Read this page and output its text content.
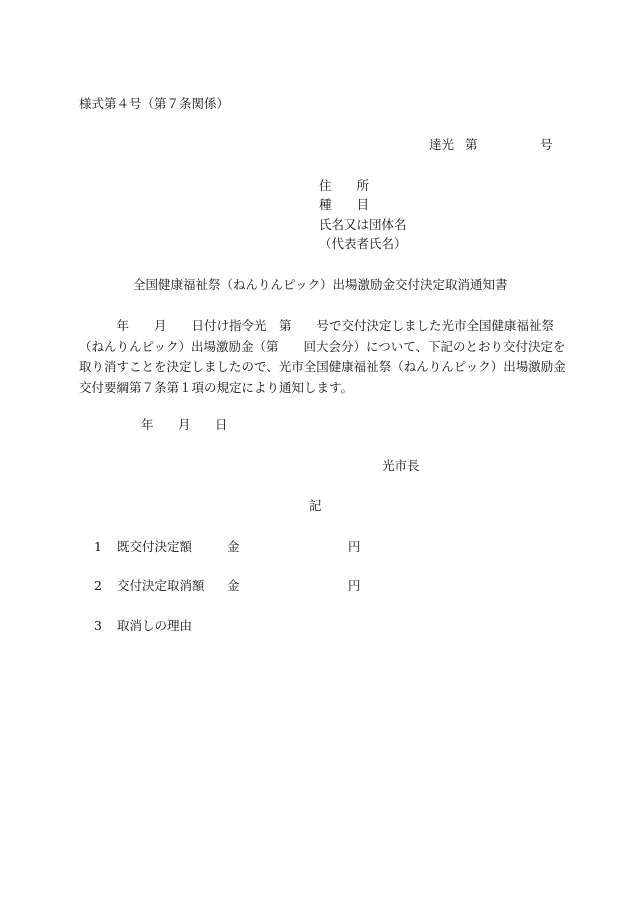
様式第４号（第７条関係）
達光 第	号
住　　所
種　　目
氏名又は団体名
（代表者氏名）
全国健康福祉祭（ねんりんピック）出場激励金交付決定取消通知書
　　　年　　月　　日付け指令光　第　　号で交付決定しました光市全国健康福祉祭
（ねんりんピック）出場激励金（第　　回大会分）について、下記のとおり交付決定を
取り消すことを決定しましたので、光市全国健康福祉祭（ねんりんピック）出場激励金
交付要綱第７条第１項の規定により通知します。
年 月 日
光市長
記
1 既交付決定額	金	円
2 交付決定取消額 金	円
3 取消しの理由
